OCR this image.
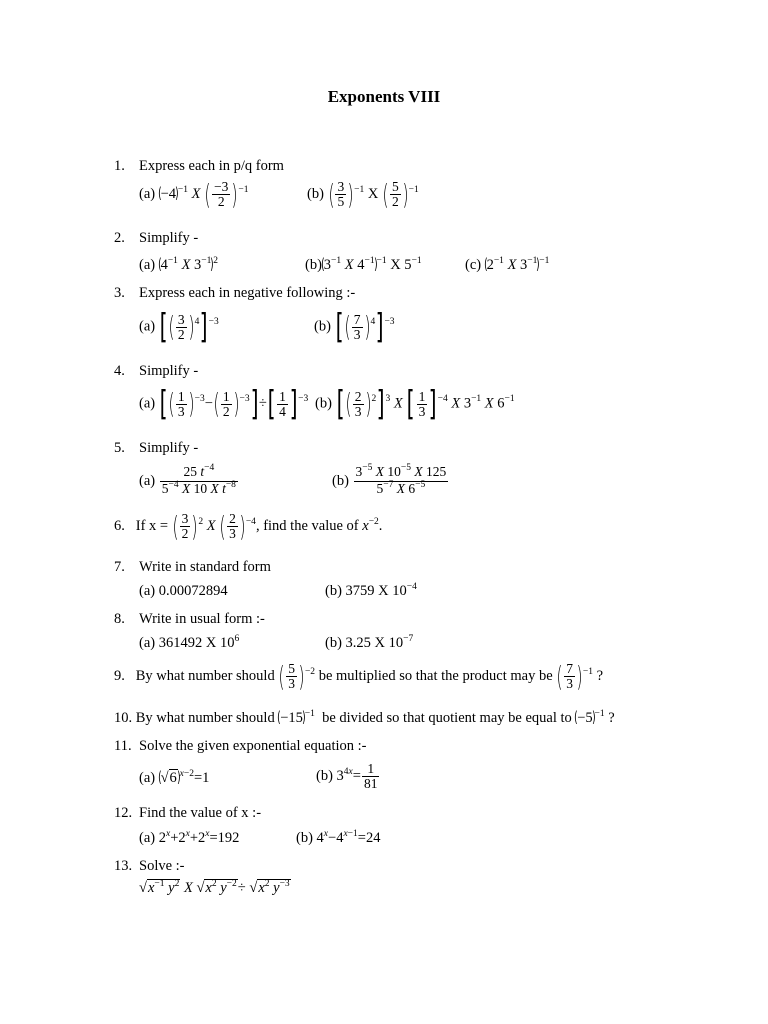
Exponents VIII
1. Express each in p/q form
(a) $(-4)^{-1}$ X ( $\frac{-3}{2} )^{-1}$	(b) ( $\frac{3}{5} )^{-1}$ X ( $\frac{5}{2} )^{-1}$
2. Simplify -
(a) ($4^{-1}$ X $3^{-1})^2$	$(b)(3^{-1}$ X $4^{-1})^{-1}$ X $5^{-1}$	(c) ($2^{-1}$ X $3^{-1})^{-1}$
3. Express each in negative following :-
(a) [( $\frac{3}{2} )^4]^{-3}$	(b) [( $\frac{7}{3} )^4]^{-3}$
4. Simplify -
(a) [( $\frac{1}{3} )^{-3}-( \frac{1}{2} )^{-3}]\div[ \frac{1}{4} ]^{-3}$ (b) [( $\frac{2}{3} )^2]^3$ X [ $\frac{1}{3} ]^{-4}$ X $3^{-1}$ X $6^{-1}$
5. Simplify -
$(a) \frac{25 t^{-4}}{5^{-4} X 10 X t^{-8}}$	$(b) \frac{3^{-5} X 10^{-5} X 125}{5^{-7} X 6^{-5}}$
6. If x = ( $\frac{3}{2} )^2$ X ( $\frac{2}{3} )^{-4}$, find the value of $x^{-2}$.
7. Write in standard form
(a) 0.00072894	(b) 3759 X $10^{-4}$
8. Write in usual form :-
(a) 361492 X $10^6$	(b) 3.25 X $10^{-7}$
9. By what number should ( $\frac{5}{3} )^{-2}$ be multiplied so that the product may be ( $\frac{7}{3} )^{-1}$ ?
10. By what number should $(-15)^{-1}$ be divided so that quotient may be equal to $(-5)^{-1}$ ?
11. Solve the given exponential equation :-
(a) $(√6)^{x-2}=1$	(b) $3^{4x}= \frac{1}{81}$
12. Find the value of x :-
(a) $2^x+2^x+2^x=192$	(b) $4^x-4^{x-1}=24$
13. Solve :-
$√x^{-1}$ $y^2$ X $√x^2$ $y^{-2}\div √x^2$ $y^{-3}$
